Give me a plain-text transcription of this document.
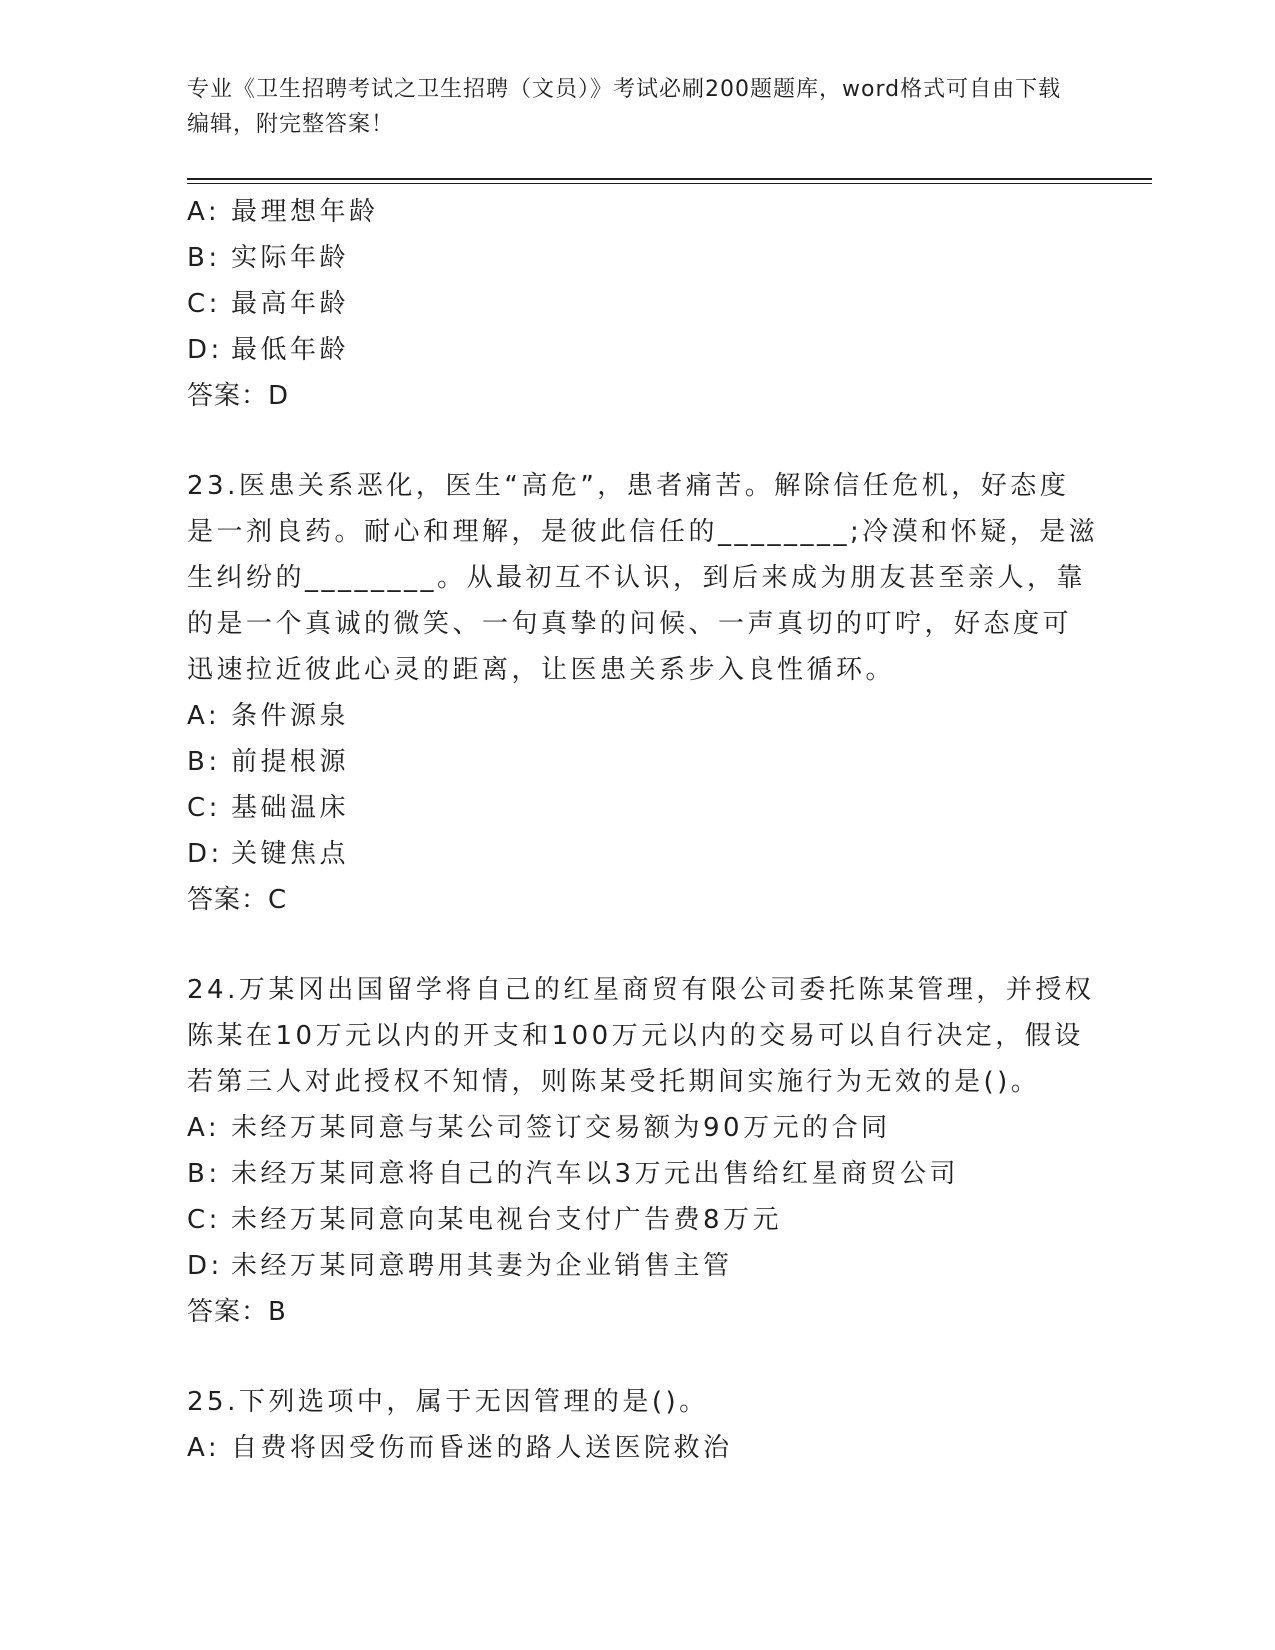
专业《卫生招聘考试之卫生招聘（文员）》考试必刷200题题库，word格式可自由下载编辑，附完整答案！
A: 最理想年龄
B: 实际年龄
C: 最高年龄
D: 最低年龄
答案：D
23.医患关系恶化，医生“高危”，患者痛苦。解除信任危机，好态度
是一剂良药。耐心和理解，是彼此信任的________;冷漠和怀疑，是滋
生纠纷的________。从最初互不认识，到后来成为朋友甚至亲人，靠
的是一个真诚的微笑、一句真挚的问候、一声真切的叮咛，好态度可
迅速拉近彼此心灵的距离，让医患关系步入良性循环。
A: 条件源泉
B: 前提根源
C: 基础温床
D: 关键焦点
答案：C
24.万某冈出国留学将自己的红星商贸有限公司委托陈某管理，并授权
陈某在10万元以内的开支和100万元以内的交易可以自行决定，假设
若第三人对此授权不知情，则陈某受托期间实施行为无效的是()。
A: 未经万某同意与某公司签订交易额为90万元的合同
B: 未经万某同意将自己的汽车以3万元出售给红星商贸公司
C: 未经万某同意向某电视台支付广告费8万元
D: 未经万某同意聘用其妻为企业销售主管
答案：B
25.下列选项中，属于无因管理的是()。
A: 自费将因受伤而昏迷的路人送医院救治
